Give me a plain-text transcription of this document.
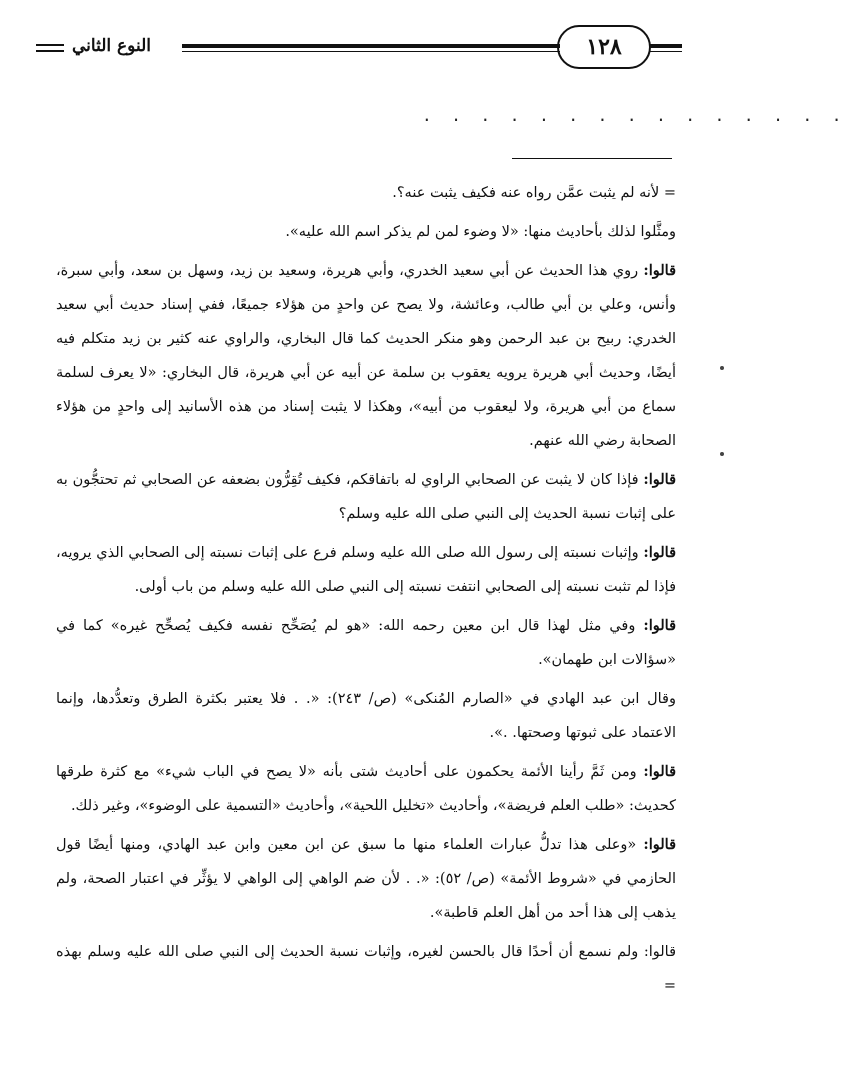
النوع الثاني	١٢٨
. . . . . . . . . . . . . . .

= لأنه لم يثبت عمَّن رواه عنه فكيف يثبت عنه؟.

ومثَّلوا لذلك بأحاديث منها: «لا وضوء لمن لم يذكر اسم الله عليه».

قالوا: روي هذا الحديث عن أبي سعيد الخدري، وأبي هريرة، وسعيد بن زيد، وسهل بن سعد، وأبي سبرة، وأنس، وعلي بن أبي طالب، وعائشة، ولا يصح عن واحدٍ من هؤلاء جميعًا، ففي إسناد حديث أبي سعيد الخدري: ربيح بن عبد الرحمن وهو منكر الحديث كما قال البخاري، والراوي عنه كثير بن زيد متكلم فيه أيضًا، وحديث أبي هريرة يرويه يعقوب بن سلمة عن أبيه عن أبي هريرة، قال البخاري: «لا يعرف لسلمة سماع من أبي هريرة، ولا ليعقوب من أبيه»، وهكذا لا يثبت إسناد من هذه الأسانيد إلى واحدٍ من هؤلاء الصحابة رضي الله عنهم.

قالوا: فإذا كان لا يثبت عن الصحابي الراوي له باتفاقكم، فكيف تُقِرُّون بضعفه عن الصحابي ثم تحتجُّون به على إثبات نسبة الحديث إلى النبي صلى الله عليه وسلم؟

قالوا: وإثبات نسبته إلى رسول الله صلى الله عليه وسلم فرع على إثبات نسبته إلى الصحابي الذي يرويه، فإذا لم تثبت نسبته إلى الصحابي انتفت نسبته إلى النبي صلى الله عليه وسلم من باب أولى.

قالوا: وفي مثل لهذا قال ابن معين رحمه الله: «هو لم يُصَحِّح نفسه فكيف يُصحِّح غيره» كما في «سؤالات ابن طهمان».

وقال ابن عبد الهادي في «الصارم المُنكى» (ص/ ٢٤٣): «. . فلا يعتبر بكثرة الطرق وتعدُّدها، وإنما الاعتماد على ثبوتها وصحتها. .».

قالوا: ومن ثَمَّ رأينا الأئمة يحكمون على أحاديث شتى بأنه «لا يصح في الباب شيء» مع كثرة طرقها كحديث: «طلب العلم فريضة»، وأحاديث «تخليل اللحية»، وأحاديث «التسمية على الوضوء»، وغير ذلك.

قالوا: «وعلى هذا تدلُّ عبارات العلماء منها ما سبق عن ابن معين وابن عبد الهادي، ومنها أيضًا قول الحازمي في «شروط الأئمة» (ص/ ٥٢): «. . لأن ضم الواهي إلى الواهي لا يؤثِّر في اعتبار الصحة، ولم يذهب إلى هذا أحد من أهل العلم قاطبة».

قالوا: ولم نسمع أن أحدًا قال بالحسن لغيره، وإثبات نسبة الحديث إلى النبي صلى الله عليه وسلم بهذه =
